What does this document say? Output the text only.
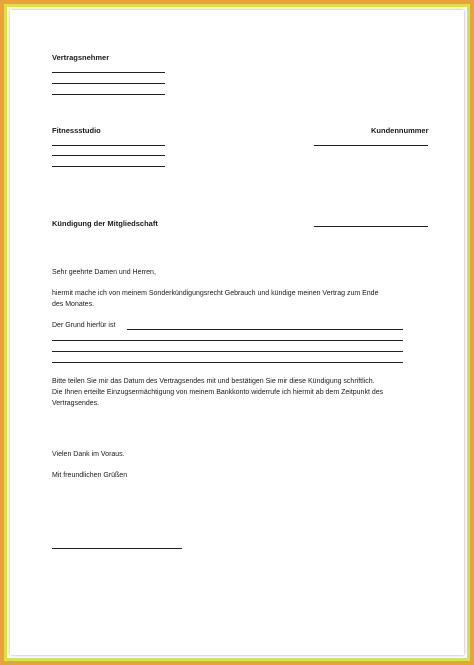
Vertragsnehmer
Fitnessstudio	Kundennummer
Kündigung der Mitgliedschaft
Sehr geehrte Damen und Herren,
hiermit mache ich von meinem Sonderkündigungsrecht Gebrauch und kündige meinen Vertrag zum Ende
des Monates.
Der Grund hierfür ist
Bitte teilen Sie mir das Datum des Vertragsendes mit und bestätigen Sie mir diese Kündigung schriftlich.
Die Ihnen erteilte Einzugsermächtigung von meinem Bankkonto widerrufe ich hiermit ab dem Zeitpunkt des
Vertragsendes.
Vielen Dank im Voraus.
Mit freundlichen Grüßen
